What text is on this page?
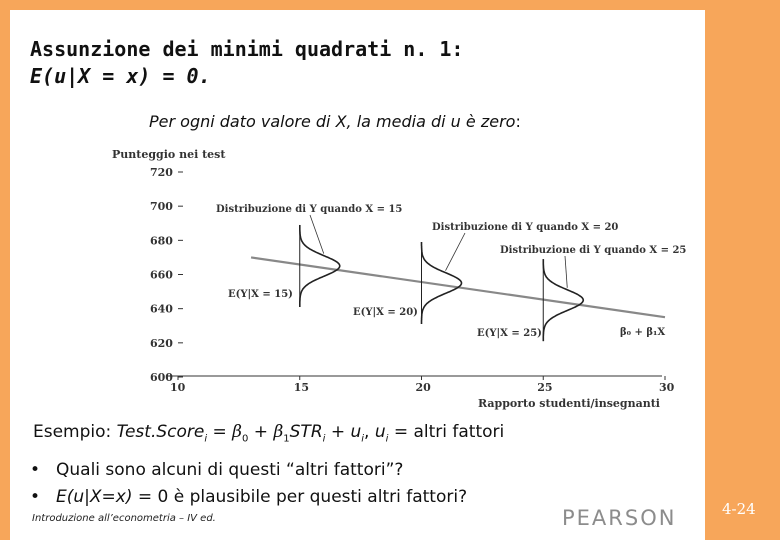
Assunzione dei minimi quadrati n. 1:
E(u|X = x) = 0.
Per ogni dato valore di X, la media di u è zero:
Punteggio nei test
Rapporto studenti/insegnanti
600
620
640
660
680
700
720
10	15	20	25	30
β₀ + β₁X
Distribuzione di Y quando X = 15
E(Y|X = 15)
Distribuzione di Y quando X = 20
E(Y|X = 20)
Distribuzione di Y quando X = 25
E(Y|X = 25)
Esempio: Test.Score$_i$ = $\beta_0 + \beta_1STR_i + u_i$, $u_i$ = altri fattori
• Quali sono alcuni di questi “altri fattori”?
• E(u|X=x) = 0 è plausibile per questi altri fattori?
Introduzione all’econometria – IV ed.	PEARSON	4-24
